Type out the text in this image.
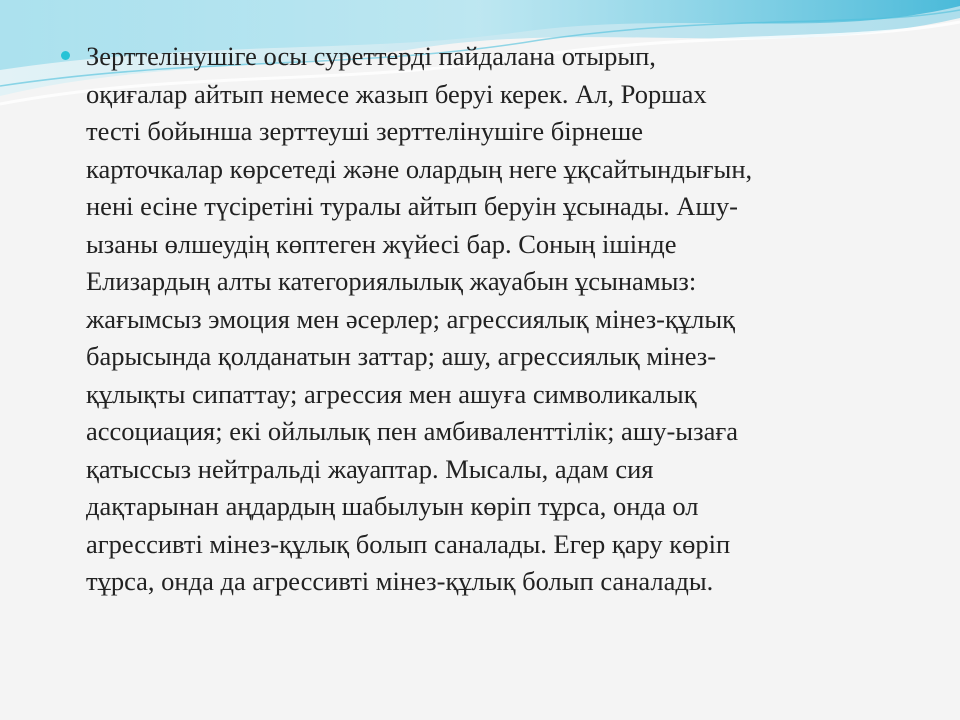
Зерттелінушіге осы суреттерді пайдалана отырып,
оқиғалар айтып немесе жазып беруі керек. Ал, Роршах
тесті бойынша зерттеуші зерттелінушіге бірнеше
карточкалар көрсетеді және олардың неге ұқсайтындығын,
нені есіне түсіретіні туралы айтып беруін ұсынады. Ашу-
ызаны өлшеудің көптеген жүйесі бар. Соның ішінде
Елизардың алты категориялылық жауабын ұсынамыз:
жағымсыз эмоция мен әсерлер; агрессиялық мінез-құлық
барысында қолданатын заттар; ашу, агрессиялық мінез-
құлықты сипаттау; агрессия мен ашуға символикалық
ассоциация; екі ойлылық пен амбиваленттілік; ашу-ызаға
қатыссыз нейтральді жауаптар. Мысалы, адам сия
дақтарынан аңдардың шабылуын көріп тұрса, онда ол
агрессивті мінез-құлық болып саналады. Егер қару көріп
тұрса, онда да агрессивті мінез-құлық болып саналады.
